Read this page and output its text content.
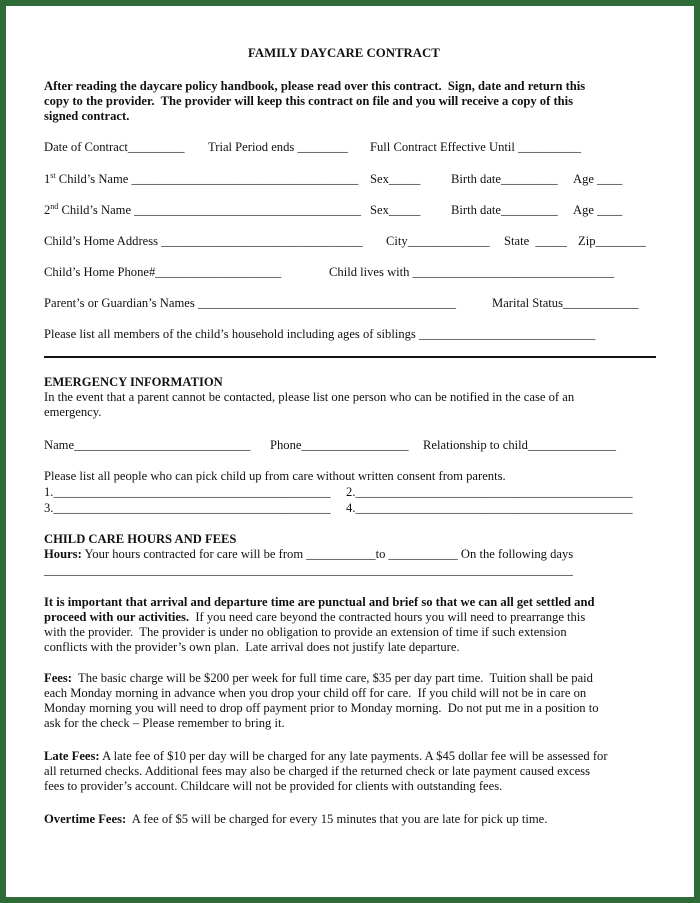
FAMILY DAYCARE CONTRACT
After reading the daycare policy handbook, please read over this contract.  Sign, date and return this
copy to the provider.  The provider will keep this contract on file and you will receive a copy of this
signed contract.
Date of Contract_________ Trial Period ends ________ Full Contract Effective Until __________
1st Child’s Name ____________________________________ Sex_____ Birth date_________ Age ____
2nd Child’s Name ____________________________________ Sex_____ Birth date_________ Age ____
Child’s Home Address ________________________________ City_____________ State  _____ Zip________
Child’s Home Phone#____________________	Child lives with ________________________________
Parent’s or Guardian’s Names _________________________________________	Marital Status____________
Please list all members of the child’s household including ages of siblings ____________________________
EMERGENCY INFORMATION
In the event that a parent cannot be contacted, please list one person who can be notified in the case of an
emergency.
Name____________________________ Phone_________________ Relationship to child______________
Please list all people who can pick child up from care without written consent from parents.
1.____________________________________________ 2.____________________________________________
3.____________________________________________ 4.____________________________________________
CHILD CARE HOURS AND FEES
Hours: Your hours contracted for care will be from ___________to ___________ On the following days
____________________________________________________________________________________
It is important that arrival and departure time are punctual and brief so that we can all get settled and
proceed with our activities.  If you need care beyond the contracted hours you will need to prearrange this
with the provider.  The provider is under no obligation to provide an extension of time if such extension
conflicts with the provider’s own plan.  Late arrival does not justify late departure.
Fees:  The basic charge will be $200 per week for full time care, $35 per day part time.  Tuition shall be paid
each Monday morning in advance when you drop your child off for care.  If you child will not be in care on
Monday morning you will need to drop off payment prior to Monday morning.  Do not put me in a position to
ask for the check – Please remember to bring it.
Late Fees: A late fee of $10 per day will be charged for any late payments. A $45 dollar fee will be assessed for
all returned checks. Additional fees may also be charged if the returned check or late payment caused excess
fees to provider’s account. Childcare will not be provided for clients with outstanding fees.
Overtime Fees:  A fee of $5 will be charged for every 15 minutes that you are late for pick up time.
